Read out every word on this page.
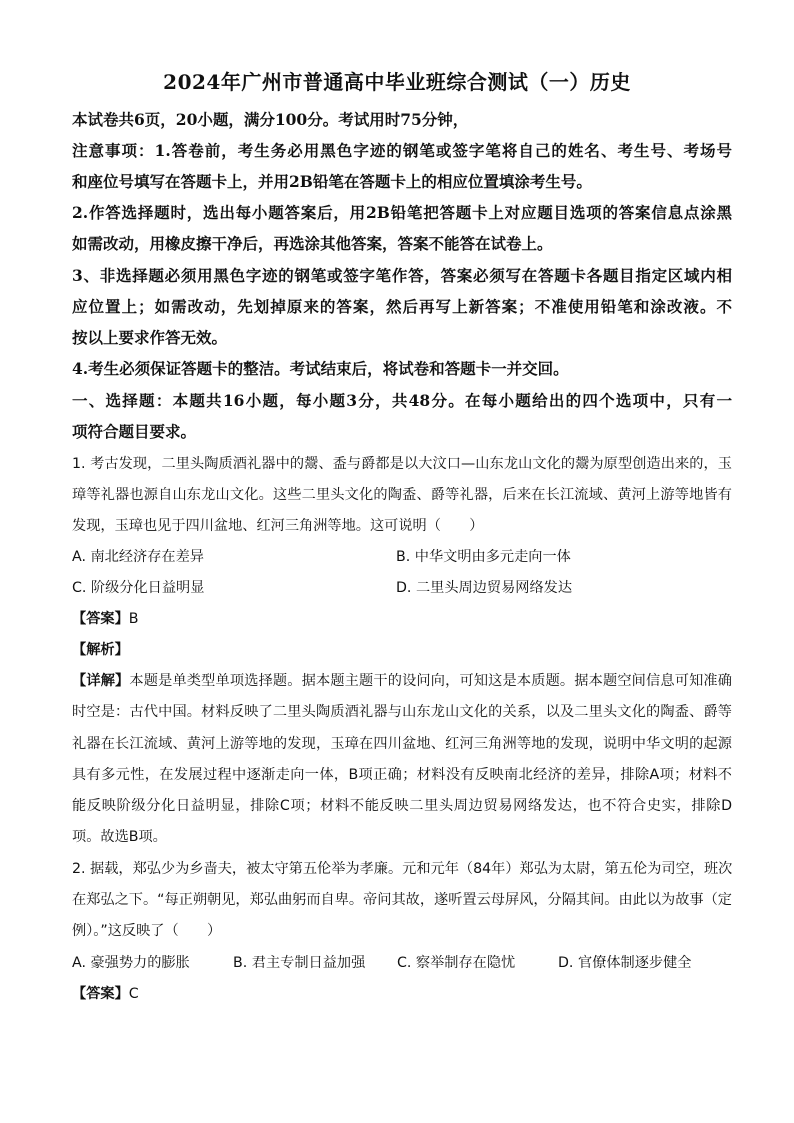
2024年广州市普通高中毕业班综合测试（一）历史
本试卷共6页，20小题，满分100分。考试用时75分钟，
注意事项：1.答卷前，考生务必用黑色字迹的钢笔或签字笔将自己的姓名、考生号、考场号
和座位号填写在答题卡上，并用2B铅笔在答题卡上的相应位置填涂考生号。
2.作答选择题时，选出每小题答案后，用2B铅笔把答题卡上对应题目选项的答案信息点涂黑
如需改动，用橡皮擦干净后，再选涂其他答案，答案不能答在试卷上。
3、非选择题必须用黑色字迹的钢笔或签字笔作答，答案必须写在答题卡各题目指定区域内相
应位置上；如需改动，先划掉原来的答案，然后再写上新答案；不准使用铅笔和涂改液。不
按以上要求作答无效。
4.考生必须保证答题卡的整洁。考试结束后，将试卷和答题卡一并交回。
一、选择题：本题共16小题，每小题3分，共48分。在每小题给出的四个选项中，只有一
项符合题目要求。
1. 考古发现，二里头陶质酒礼器中的鬶、盉与爵都是以大汶口—山东龙山文化的鬶为原型创造出来的，玉
璋等礼器也源自山东龙山文化。这些二里头文化的陶盉、爵等礼器，后来在长江流域、黄河上游等地皆有
发现，玉璋也见于四川盆地、红河三角洲等地。这可说明（　　）
A. 南北经济存在差异	B. 中华文明由多元走向一体
C. 阶级分化日益明显	D. 二里头周边贸易网络发达
【答案】B
【解析】
【详解】本题是单类型单项选择题。据本题主题干的设问向，可知这是本质题。据本题空间信息可知准确
时空是：古代中国。材料反映了二里头陶质酒礼器与山东龙山文化的关系，以及二里头文化的陶盉、爵等
礼器在长江流域、黄河上游等地的发现，玉璋在四川盆地、红河三角洲等地的发现，说明中华文明的起源
具有多元性，在发展过程中逐渐走向一体，B项正确；材料没有反映南北经济的差异，排除A项；材料不
能反映阶级分化日益明显，排除C项；材料不能反映二里头周边贸易网络发达，也不符合史实，排除D
项。故选B项。
2. 据载，郑弘少为乡啬夫，被太守第五伦举为孝廉。元和元年（84年）郑弘为太尉，第五伦为司空，班次
在郑弘之下。“每正朔朝见，郑弘曲躬而自卑。帝问其故，遂听置云母屏风，分隔其间。由此以为故事（定
例）。”这反映了（　　）
A. 豪强势力的膨胀	B. 君主专制日益加强 C. 察举制存在隐忧	D. 官僚体制逐步健全
【答案】C
